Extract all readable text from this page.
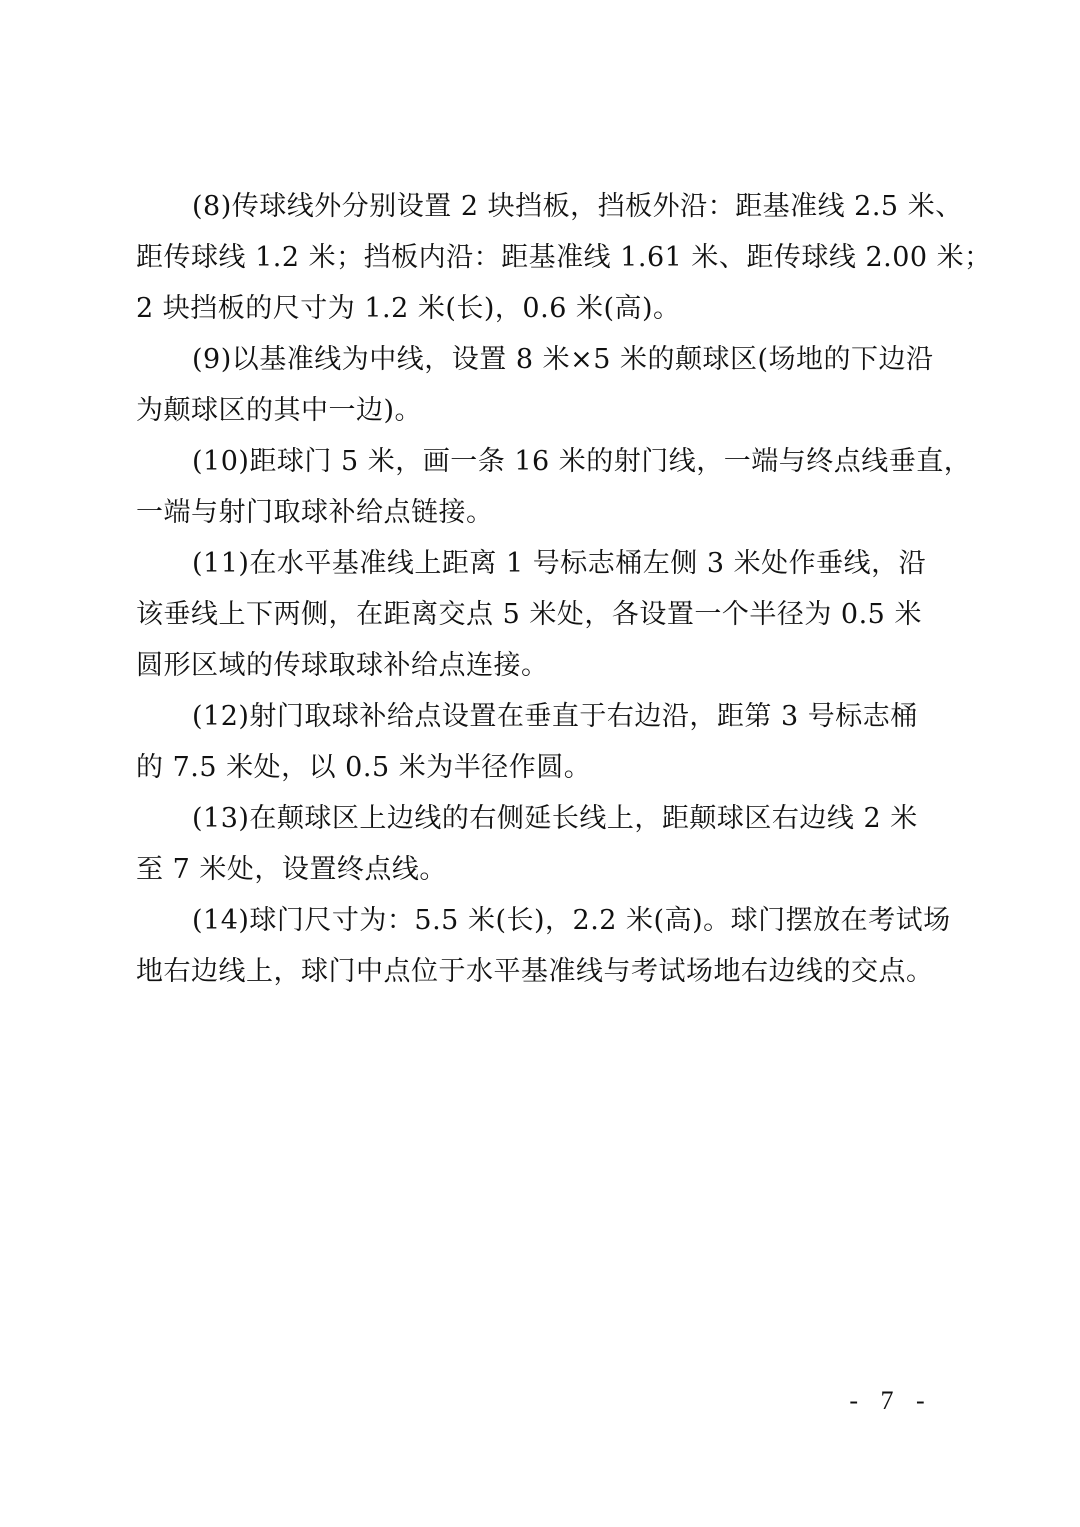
(8)传球线外分别设置 2 块挡板，挡板外沿：距基准线 2.5 米、
距传球线 1.2 米；挡板内沿：距基准线 1.61 米、距传球线 2.00 米；
2 块挡板的尺寸为 1.2 米(长)，0.6 米(高)。

(9)以基准线为中线，设置 8 米×5 米的颠球区(场地的下边沿
为颠球区的其中一边)。

(10)距球门 5 米，画一条 16 米的射门线，一端与终点线垂直，
一端与射门取球补给点链接。

(11)在水平基准线上距离 1 号标志桶左侧 3 米处作垂线，沿
该垂线上下两侧，在距离交点 5 米处，各设置一个半径为 0.5 米
圆形区域的传球取球补给点连接。

(12)射门取球补给点设置在垂直于右边沿，距第 3 号标志桶
的 7.5 米处，以 0.5 米为半径作圆。

(13)在颠球区上边线的右侧延长线上，距颠球区右边线 2 米
至 7 米处，设置终点线。

(14)球门尺寸为：5.5 米(长)，2.2 米(高)。球门摆放在考试场
地右边线上，球门中点位于水平基准线与考试场地右边线的交点。

- 7 -
